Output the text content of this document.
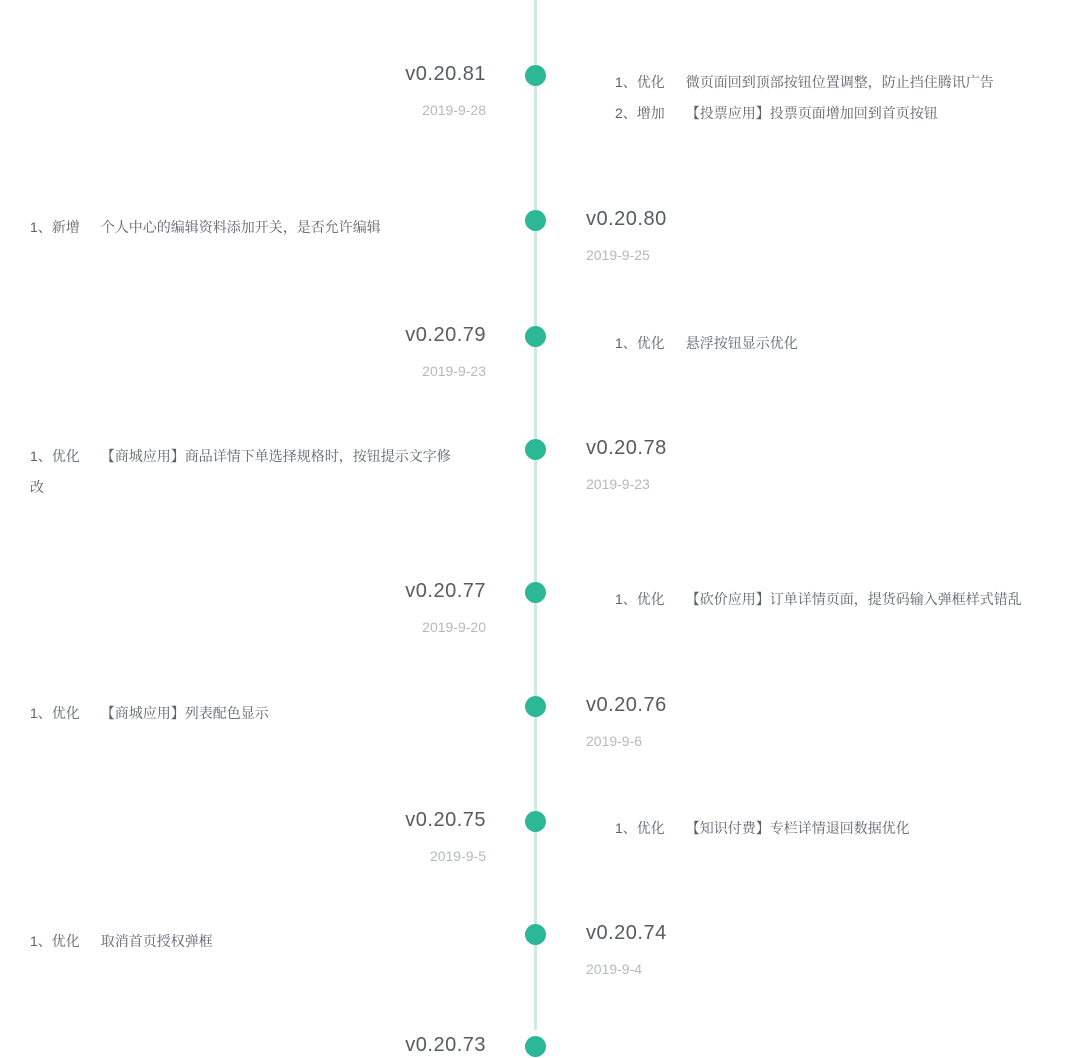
v0.20.81
2019-9-28

1、优化 微页面回到顶部按钮位置调整，防止挡住腾讯广告

2、增加 【投票应用】投票页面增加回到首页按钮

v0.20.80
2019-9-25

1、新增 个人中心的编辑资料添加开关，是否允许编辑

v0.20.79
2019-9-23

1、优化 悬浮按钮显示优化

v0.20.78
2019-9-23

1、优化 【商城应用】商品详情下单选择规格时，按钮提示文字修改

v0.20.77
2019-9-20

1、优化 【砍价应用】订单详情页面，提货码输入弹框样式错乱

v0.20.76
2019-9-6

1、优化 【商城应用】列表配色显示

v0.20.75
2019-9-5

1、优化 【知识付费】专栏详情退回数据优化

v0.20.74
2019-9-4

1、优化 取消首页授权弹框

v0.20.73
